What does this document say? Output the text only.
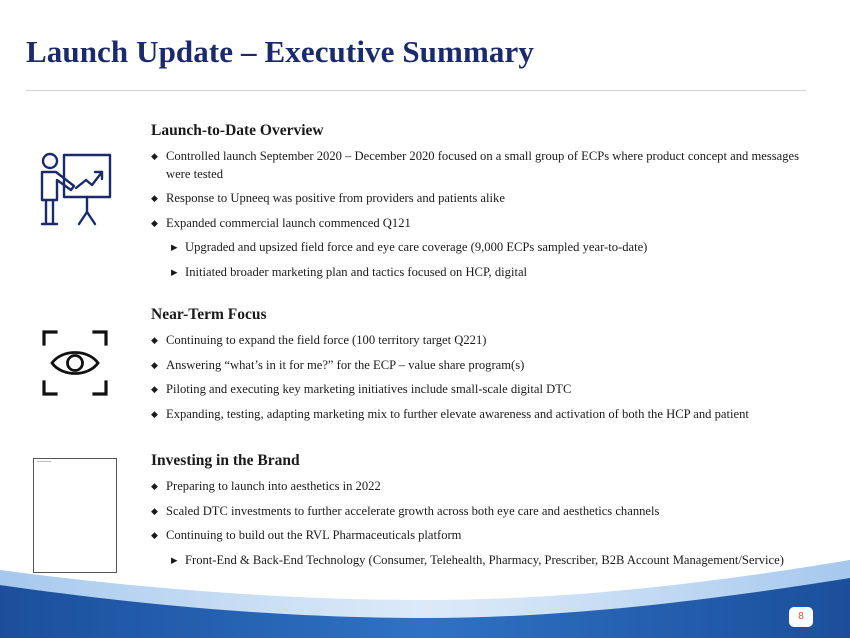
Launch Update – Executive Summary
Launch-to-Date Overview
◆ Controlled launch September 2020 – December 2020 focused on a small group of ECPs where product concept and messages were tested
◆ Response to Upneeq was positive from providers and patients alike
◆ Expanded commercial launch commenced Q121
▶ Upgraded and upsized field force and eye care coverage (9,000 ECPs sampled year-to-date)
▶ Initiated broader marketing plan and tactics focused on HCP, digital
Near-Term Focus
◆ Continuing to expand the field force (100 territory target Q221)
◆ Answering “what’s in it for me?” for the ECP – value share program(s)
◆ Piloting and executing key marketing initiatives include small-scale digital DTC
◆ Expanding, testing, adapting marketing mix to further elevate awareness and activation of both the HCP and patient
▪▪▪▪▪▪▪▪▪▪▪▪▪▪▪▪▪▪▪▪	Investing in the Brand
◆ Preparing to launch into aesthetics in 2022
◆ Scaled DTC investments to further accelerate growth across both eye care and aesthetics channels
◆ Continuing to build out the RVL Pharmaceuticals platform
▶ Front-End & Back-End Technology (Consumer, Telehealth, Pharmacy, Prescriber, B2B Account Management/Service)
8
